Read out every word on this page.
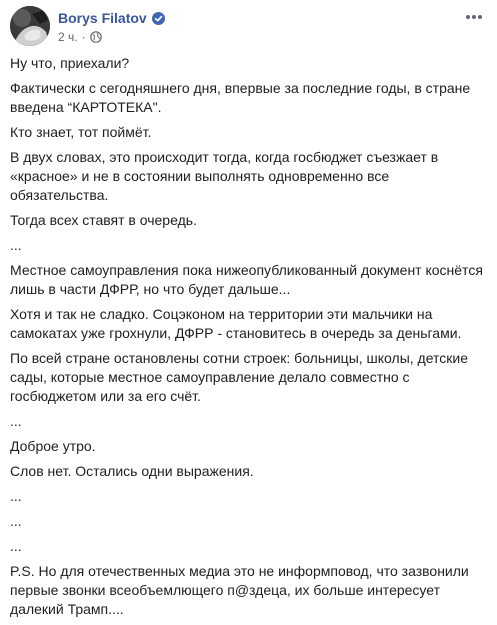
Borys Filatov
2 ч. ·

Ну что, приехали?

Фактически с сегодняшнего дня, впервые за последние годы, в стране введена “КАРТОТЕКА".

Кто знает, тот поймёт.

В двух словах, это происходит тогда, когда госбюджет съезжает в «красное» и не в состоянии выполнять одновременно все обязательства.

Тогда всех ставят в очередь.

...

Местное самоуправления пока нижеопубликованный документ коснётся лишь в части ДФРР, но что будет дальше...

Хотя и так не сладко. Соцэконом на территории эти мальчики на самокатах уже грохнули, ДФРР - становитесь в очередь за деньгами.

По всей стране остановлены сотни строек: больницы, школы, детские сады, которые местное самоуправление делало совместно с госбюджетом или за его счёт.

...

Доброе утро.

Слов нет. Остались одни выражения.

...

...

...

P.S. Но для отечественных медиа это не информповод, что зазвонили первые звонки всеобъемлющего п@здеца, их больше интересует далекий Трамп....
